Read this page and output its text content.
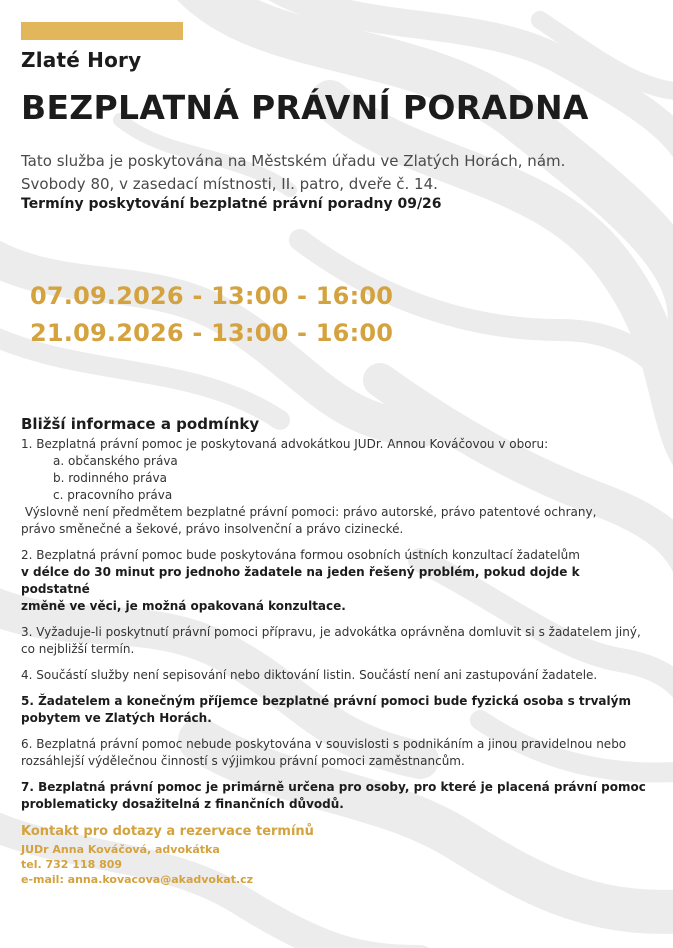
Zlaté Hory
BEZPLATNÁ PRÁVNÍ PORADNA
Tato služba je poskytována na Městském úřadu ve Zlatých Horách, nám.
Svobody 80, v zasedací místnosti, II. patro, dveře č. 14.
Termíny poskytování bezplatné právní poradny 09/26
07.09.2026 - 13:00 - 16:00
21.09.2026 - 13:00 - 16:00
Bližší informace a podmínky

1. Bezplatná právní pomoc je poskytovaná advokátkou JUDr. Annou Kováčovou v oboru:

a. občanského práva

b. rodinného práva

c. pracovního práva

Výslovně není předmětem bezplatné právní pomoci: právo autorské, právo patentové ochrany,

právo směnečné a šekové, právo insolvenční a právo cizinecké.

2. Bezplatná právní pomoc bude poskytována formou osobních ústních konzultací žadatelům

v délce do 30 minut pro jednoho žadatele na jeden řešený problém, pokud dojde k podstatné

změně ve věci, je možná opakovaná konzultace.

3. Vyžaduje-li poskytnutí právní pomoci přípravu, je advokátka oprávněna domluvit si s žadatelem jiný,

co nejbližší termín.

4. Součástí služby není sepisování nebo diktování listin. Součástí není ani zastupování žadatele.

5. Žadatelem a konečným příjemce bezplatné právní pomoci bude fyzická osoba s trvalým

pobytem ve Zlatých Horách.

6. Bezplatná právní pomoc nebude poskytována v souvislosti s podnikáním a jinou pravidelnou nebo

rozsáhlejší výdělečnou činností s výjimkou právní pomoci zaměstnancům.

7. Bezplatná právní pomoc je primárně určena pro osoby, pro které je placená právní pomoc

problematicky dosažitelná z finančních důvodů.

Kontakt pro dotazy a rezervace termínů
JUDr Anna Kováčová, advokátka
tel. 732 118 809
e-mail: anna.kovacova@akadvokat.cz
